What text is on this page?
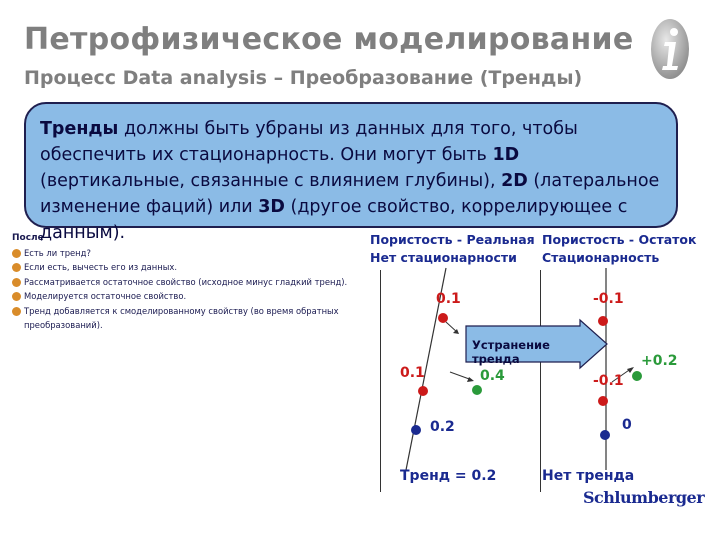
Петрофизическое моделирование
Процесс Data analysis – Преобразование (Тренды)
После
Есть ли тренд?
Если есть, вычесть его из данных.
Рассматривается остаточное свойство (исходное минус гладкий тренд).
Моделируется остаточное свойство.
Тренд добавляется к смоделированному свойству (во время обратных преобразований).
Тренды должны быть убраны из данных для того, чтобы обеспечить их стационарность. Они могут быть 1D (вертикальные, связанные с влиянием глубины), 2D (латеральное изменение фаций) или 3D (другое свойство, коррелирующее с данным).	Пористость - Реальная
Нет стационарности
Пористость - Остаток
Стационарность
Устранение тренда
0.1
0.1	0.4
0.2
-0.1
+0.2
-0.1
0
Тренд = 0.2	Нет тренда
Schlumberger
